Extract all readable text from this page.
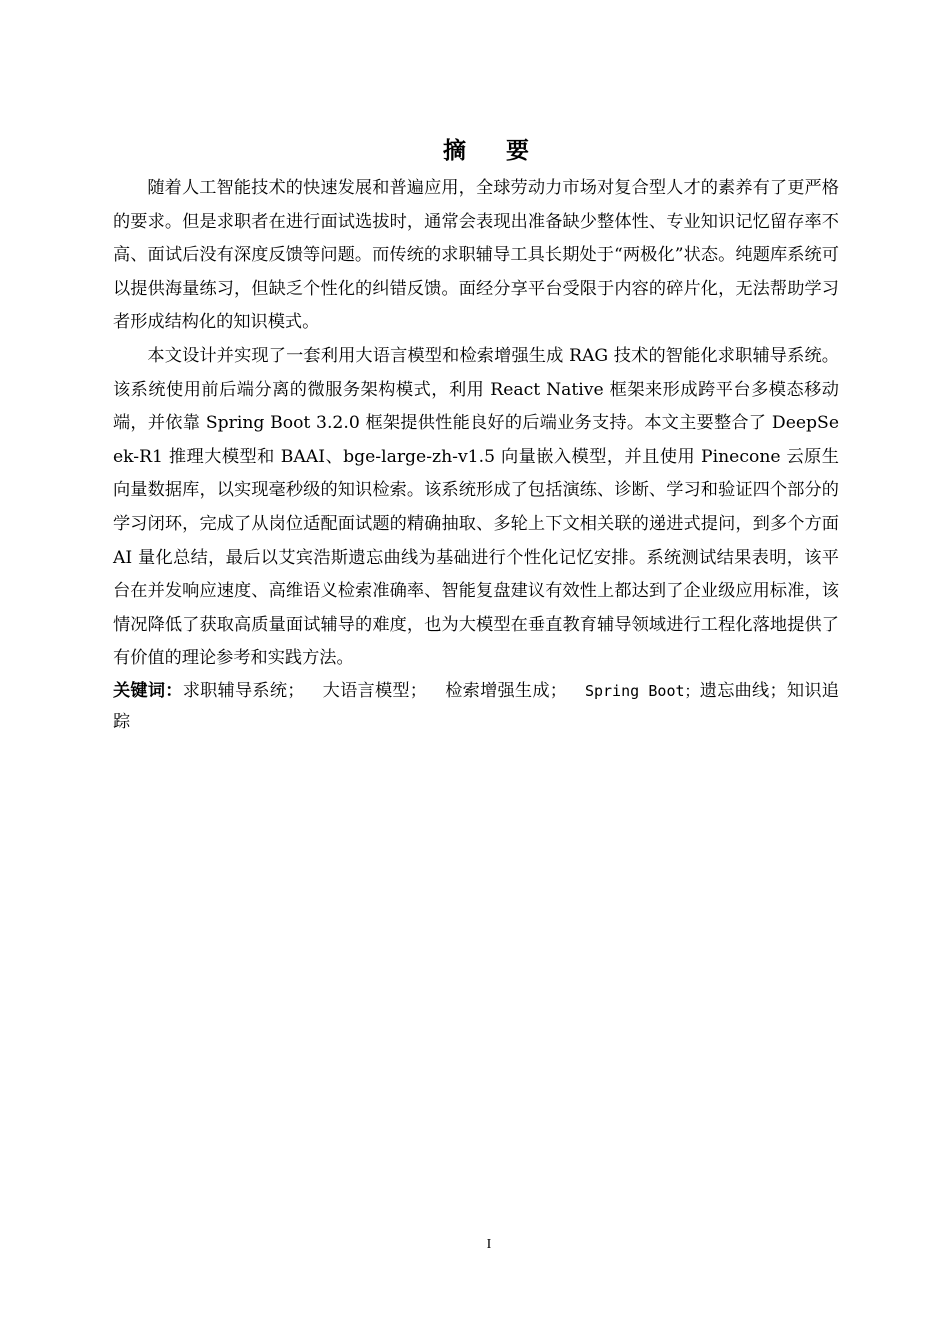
摘 要

随着人工智能技术的快速发展和普遍应用，全球劳动力市场对复合型人才的素养有了更严格的要求。但是求职者在进行面试选拔时，通常会表现出准备缺少整体性、专业知识记忆留存率不高、面试后没有深度反馈等问题。而传统的求职辅导工具长期处于“两极化”状态。纯题库系统可以提供海量练习，但缺乏个性化的纠错反馈。面经分享平台受限于内容的碎片化，无法帮助学习者形成结构化的知识模式。

本文设计并实现了一套利用大语言模型和检索增强生成 RAG 技术的智能化求职辅导系统。该系统使用前后端分离的微服务架构模式，利用 React Native 框架来形成跨平台多模态移动端，并依靠 Spring Boot 3.2.0 框架提供性能良好的后端业务支持。本文主要整合了 DeepSeek-R1 推理大模型和 BAAI、bge-large-zh-v1.5 向量嵌入模型，并且使用 Pinecone 云原生向量数据库，以实现毫秒级的知识检索。该系统形成了包括演练、诊断、学习和验证四个部分的学习闭环，完成了从岗位适配面试题的精确抽取、多轮上下文相关联的递进式提问，到多个方面 AI 量化总结，最后以艾宾浩斯遗忘曲线为基础进行个性化记忆安排。系统测试结果表明，该平台在并发响应速度、高维语义检索准确率、智能复盘建议有效性上都达到了企业级应用标准，该情况降低了获取高质量面试辅导的难度，也为大模型在垂直教育辅导领域进行工程化落地提供了有价值的理论参考和实践方法。

关键词：求职辅导系统； 大语言模型； 检索增强生成； Spring Boot；遗忘曲线；知识追踪

I
